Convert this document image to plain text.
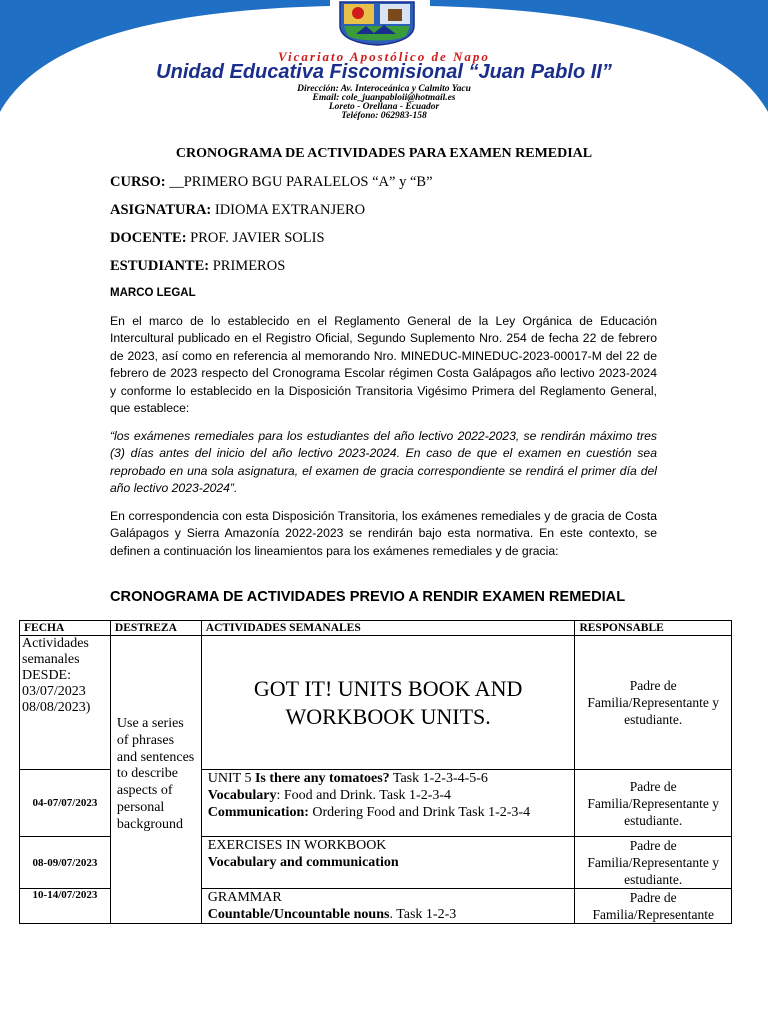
Vicariato Apostólico de Napo
Unidad Educativa Fiscomisional “Juan Pablo II”
Dirección: Av. Interoceánica y Calmito Yacu
Email: cole_juanpabloii@hotmail.es
Loreto - Orellana - Ecuador
Teléfono: 062983-158
CRONOGRAMA DE ACTIVIDADES PARA EXAMEN REMEDIAL
CURSO: __PRIMERO BGU PARALELOS “A” y “B”
ASIGNATURA: IDIOMA EXTRANJERO
DOCENTE: PROF. JAVIER SOLIS
ESTUDIANTE: PRIMEROS
MARCO LEGAL

En el marco de lo establecido en el Reglamento General de la Ley Orgánica de Educación Intercultural publicado en el Registro Oficial, Segundo Suplemento Nro. 254 de fecha 22 de febrero de 2023, así como en referencia al memorando Nro. MINEDUC-MINEDUC-2023-00017-M del 22 de febrero de 2023 respecto del Cronograma Escolar régimen Costa Galápagos año lectivo 2023-2024 y conforme lo establecido en la Disposición Transitoria Vigésimo Primera del Reglamento General, que establece:

“los exámenes remediales para los estudiantes del año lectivo 2022-2023, se rendirán máximo tres (3) días antes del inicio del año lectivo 2023-2024. En caso de que el examen en cuestión sea reprobado en una sola asignatura, el examen de gracia correspondiente se rendirá el primer día del año lectivo 2023-2024”.

En correspondencia con esta Disposición Transitoria, los exámenes remediales y de gracia de Costa Galápagos y Sierra Amazonía 2022-2023 se rendirán bajo esta normativa. En este contexto, se definen a continuación los lineamientos para los exámenes remediales y de gracia:

CRONOGRAMA DE ACTIVIDADES PREVIO A RENDIR EXAMEN REMEDIAL
FECHA	DESTREZA	ACTIVIDADES SEMANALES	RESPONSABLE
Actividades semanales DESDE: 03/07/2023 08/08/2023)	Use a series of phrases and sentences to describe aspects of personal background	GOT IT! UNITS BOOK AND WORKBOOK UNITS.	Padre de Familia/Representante y estudiante.
04-07/07/2023		UNIT 5 Is there any tomatoes? Task 1-2-3-4-5-6
Vocabulary: Food and Drink. Task 1-2-3-4
Communication: Ordering Food and Drink Task 1-2-3-4	Padre de Familia/Representante y estudiante.
08-09/07/2023		EXERCISES IN WORKBOOK
Vocabulary and communication	Padre de Familia/Representante y estudiante.
10-14/07/2023		GRAMMAR
Countable/Uncountable nouns. Task 1-2-3	Padre de Familia/Representante
